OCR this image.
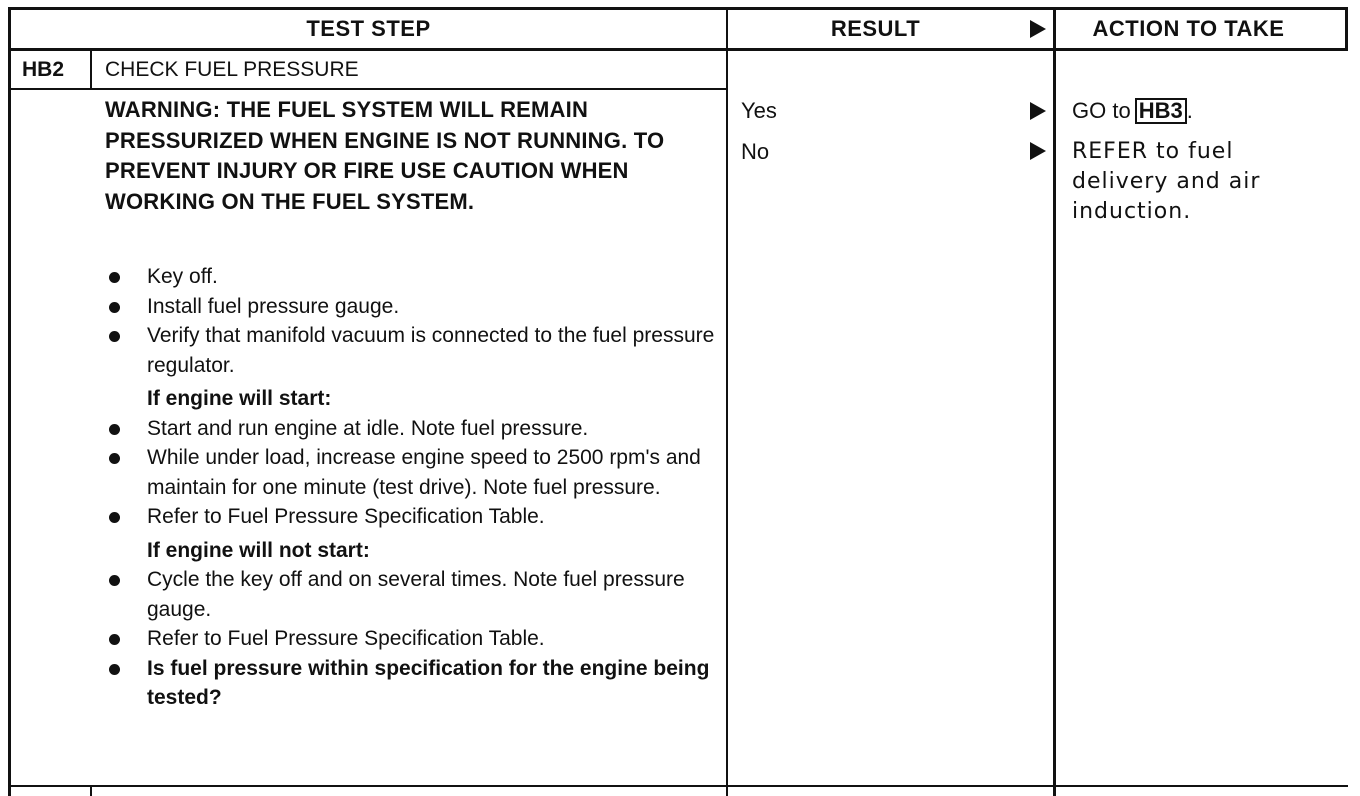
TEST STEP	RESULT	ACTION TO TAKE
HB2 CHECK FUEL PRESSURE
WARNING: THE FUEL SYSTEM WILL REMAIN PRESSURIZED WHEN ENGINE IS NOT RUNNING. TO PREVENT INJURY OR FIRE USE CAUTION WHEN WORKING ON THE FUEL SYSTEM.
Key off.
Install fuel pressure gauge.
Verify that manifold vacuum is connected to the fuel pressure regulator.
If engine will start:
Start and run engine at idle. Note fuel pressure.
While under load, increase engine speed to 2500 rpm's and maintain for one minute (test drive). Note fuel pressure.
Refer to Fuel Pressure Specification Table.
If engine will not start:
Cycle the key off and on several times. Note fuel pressure gauge.
Refer to Fuel Pressure Specification Table.
Is fuel pressure within specification for the engine being tested?
Yes
No
GO to HB3 .
REFER to fuel delivery and air induction.
